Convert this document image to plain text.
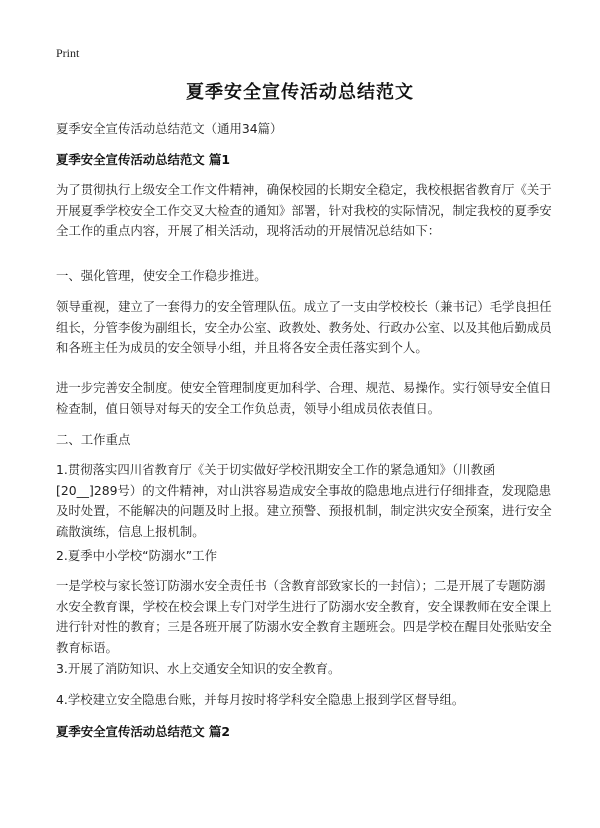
Print
夏季安全宣传活动总结范文

夏季安全宣传活动总结范文（通用34篇）

夏季安全宣传活动总结范文 篇1

为了贯彻执行上级安全工作文件精神，确保校园的长期安全稳定，我校根据省教育厅《关于开展夏季学校安全工作交叉大检查的通知》部署，针对我校的实际情况，制定我校的夏季安全工作的重点内容，开展了相关活动，现将活动的开展情况总结如下：

一、强化管理，使安全工作稳步推进。

领导重视，建立了一套得力的安全管理队伍。成立了一支由学校校长（兼书记）毛学良担任组长，分管李俊为副组长，安全办公室、政教处、教务处、行政办公室、以及其他后勤成员和各班主任为成员的安全领导小组，并且将各安全责任落实到个人。

进一步完善安全制度。使安全管理制度更加科学、合理、规范、易操作。实行领导安全值日检查制，值日领导对每天的安全工作负总责，领导小组成员依表值日。

二、工作重点

1.贯彻落实四川省教育厅《关于切实做好学校汛期安全工作的紧急通知》（川教函[20__]289号）的文件精神，对山洪容易造成安全事故的隐患地点进行仔细排查，发现隐患及时处置，不能解决的问题及时上报。建立预警、预报机制，制定洪灾安全预案，进行安全疏散演练，信息上报机制。

2.夏季中小学校“防溺水”工作

一是学校与家长签订防溺水安全责任书（含教育部致家长的一封信）；二是开展了专题防溺水安全教育课，学校在校会课上专门对学生进行了防溺水安全教育，安全课教师在安全课上进行针对性的教育；三是各班开展了防溺水安全教育主题班会。四是学校在醒目处张贴安全教育标语。

3.开展了消防知识、水上交通安全知识的安全教育。

4.学校建立安全隐患台账，并每月按时将学科安全隐患上报到学区督导组。

夏季安全宣传活动总结范文 篇2
